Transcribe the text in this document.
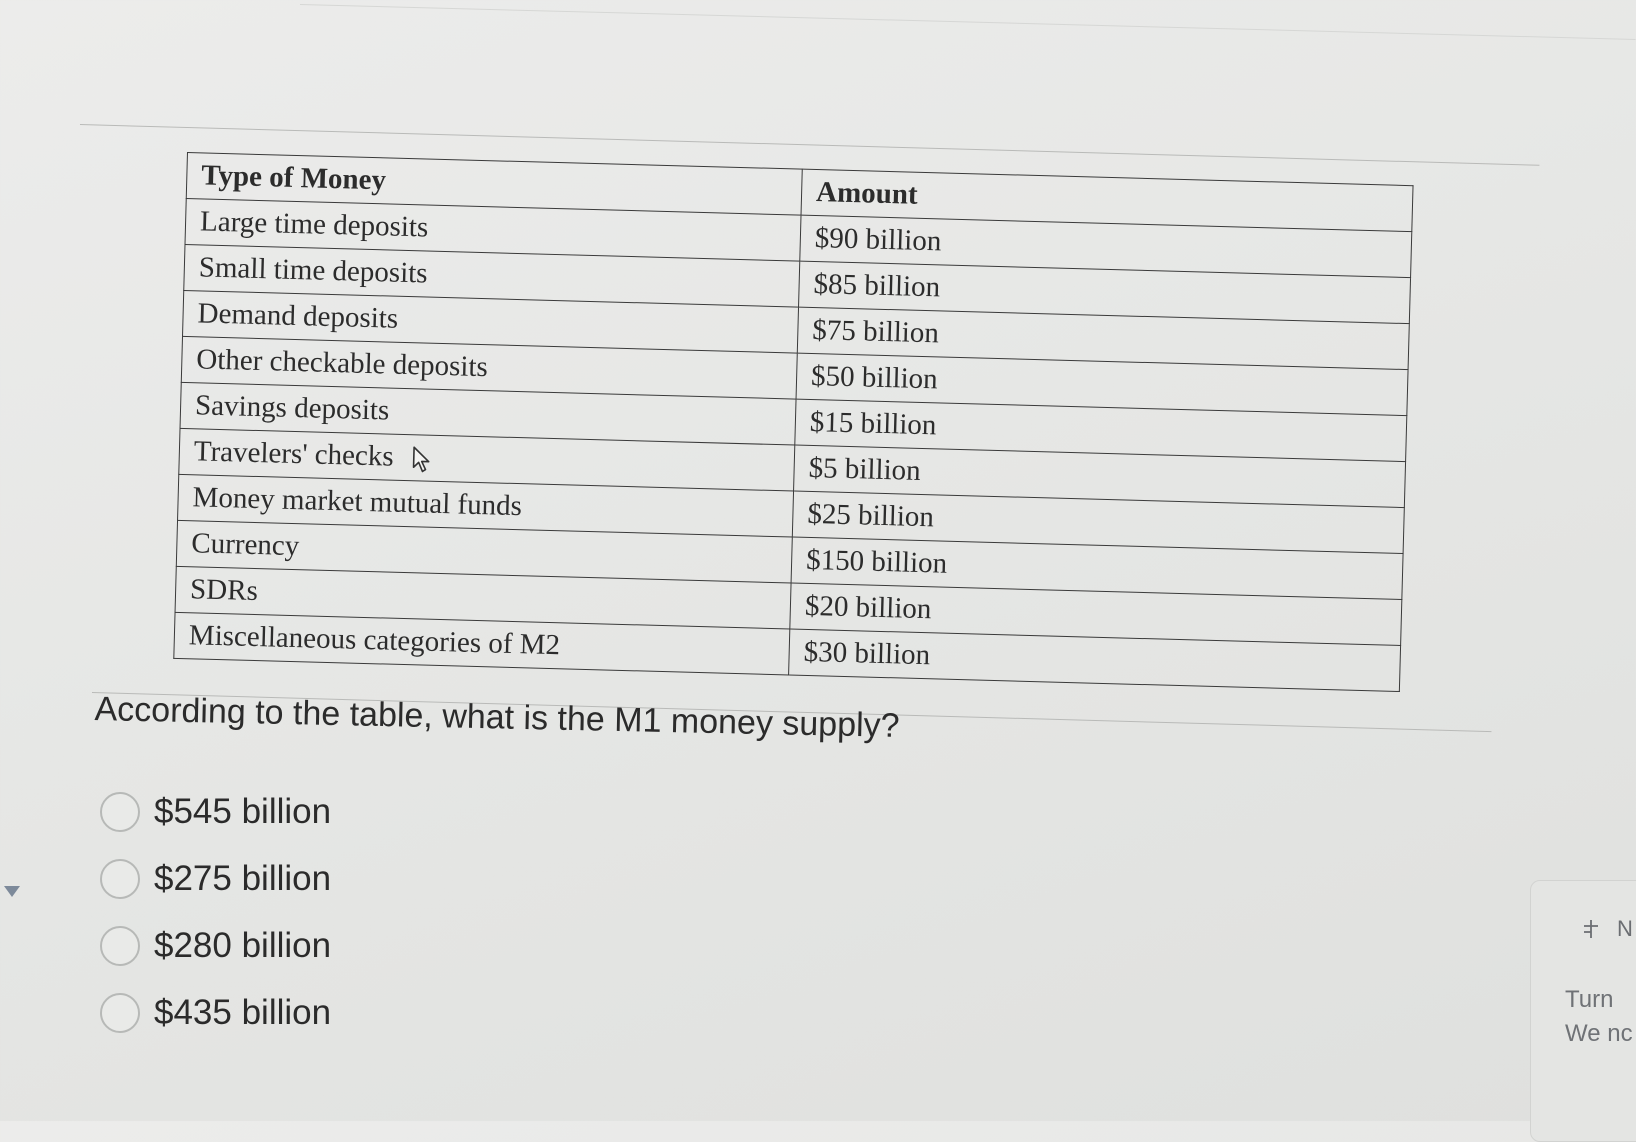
Type of Money	Amount
Large time deposits	$90 billion
Small time deposits	$85 billion
Demand deposits	$75 billion
Other checkable deposits	$50 billion
Savings deposits	$15 billion
Travelers' checks	$5 billion
Money market mutual funds	$25 billion
Currency	$150 billion
SDRs	$20 billion
Miscellaneous categories of M2	$30 billion
According to the table, what is the M1 money supply?
$545 billion
$275 billion
$280 billion
$435 billion
N
Turn
We nc
